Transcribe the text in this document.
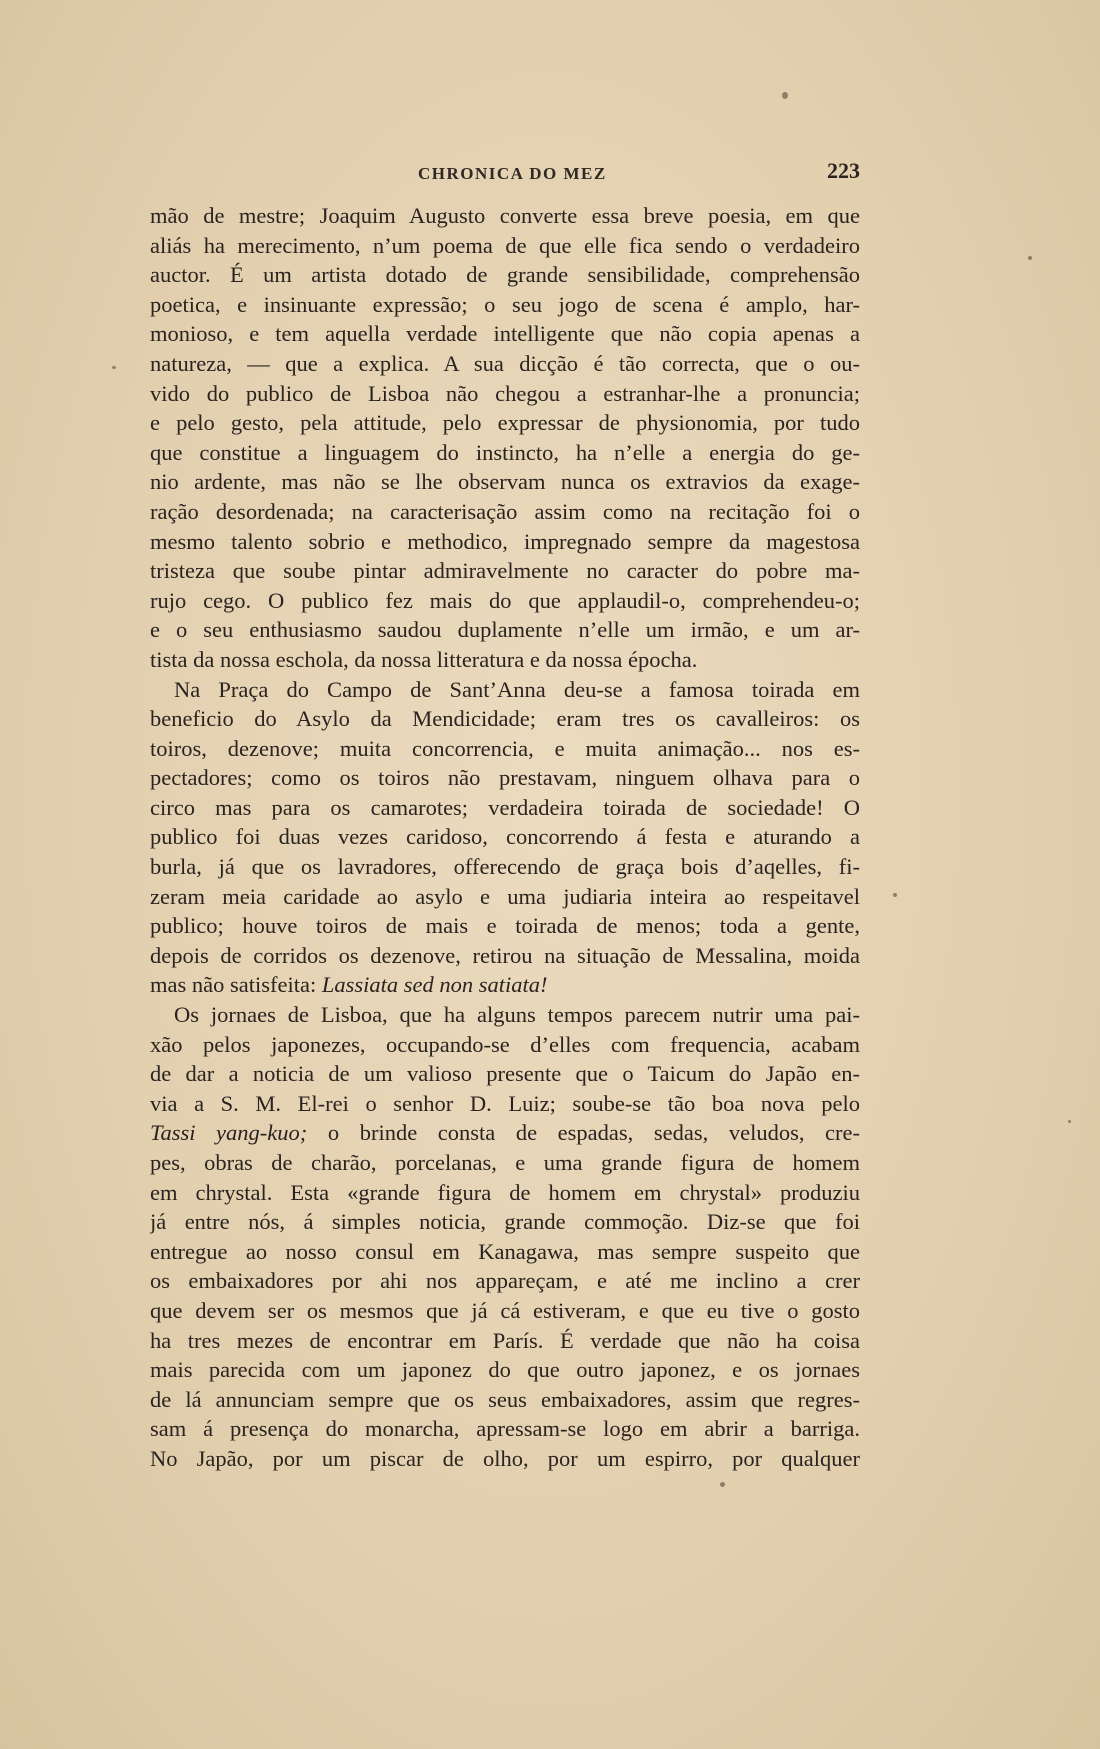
CHRONICA DO MEZ	223
mão de mestre; Joaquim Augusto converte essa breve poesia, em que
aliás ha merecimento, n’um poema de que elle fica sendo o verdadeiro
auctor. É um artista dotado de grande sensibilidade, comprehensão
poetica, e insinuante expressão; o seu jogo de scena é amplo, har-
monioso, e tem aquella verdade intelligente que não copia apenas a
natureza, — que a explica. A sua dicção é tão correcta, que o ou-
vido do publico de Lisboa não chegou a estranhar-lhe a pronuncia;
e pelo gesto, pela attitude, pelo expressar de physionomia, por tudo
que constitue a linguagem do instincto, ha n’elle a energia do ge-
nio ardente, mas não se lhe observam nunca os extravios da exage-
ração desordenada; na caracterisação assim como na recitação foi o
mesmo talento sobrio e methodico, impregnado sempre da magestosa
tristeza que soube pintar admiravelmente no caracter do pobre ma-
rujo cego. O publico fez mais do que applaudil-o, comprehendeu-o;
e o seu enthusiasmo saudou duplamente n’elle um irmão, e um ar-
tista da nossa eschola, da nossa litteratura e da nossa épocha.
Na Praça do Campo de Sant’Anna deu-se a famosa toirada em
beneficio do Asylo da Mendicidade; eram tres os cavalleiros: os
toiros, dezenove; muita concorrencia, e muita animação... nos es-
pectadores; como os toiros não prestavam, ninguem olhava para o
circo mas para os camarotes; verdadeira toirada de sociedade! O
publico foi duas vezes caridoso, concorrendo á festa e aturando a
burla, já que os lavradores, offerecendo de graça bois d’aqelles, fi-
zeram meia caridade ao asylo e uma judiaria inteira ao respeitavel
publico; houve toiros de mais e toirada de menos; toda a gente,
depois de corridos os dezenove, retirou na situação de Messalina, moida
mas não satisfeita: Lassiata sed non satiata!
Os jornaes de Lisboa, que ha alguns tempos parecem nutrir uma pai-
xão pelos japonezes, occupando-se d’elles com frequencia, acabam
de dar a noticia de um valioso presente que o Taicum do Japão en-
via a S. M. El-rei o senhor D. Luiz; soube-se tão boa nova pelo
Tassi yang-kuo; o brinde consta de espadas, sedas, veludos, cre-
pes, obras de charão, porcelanas, e uma grande figura de homem
em chrystal. Esta «grande figura de homem em chrystal» produziu
já entre nós, á simples noticia, grande commoção. Diz-se que foi
entregue ao nosso consul em Kanagawa, mas sempre suspeito que
os embaixadores por ahi nos appareçam, e até me inclino a crer
que devem ser os mesmos que já cá estiveram, e que eu tive o gosto
ha tres mezes de encontrar em París. É verdade que não ha coisa
mais parecida com um japonez do que outro japonez, e os jornaes
de lá annunciam sempre que os seus embaixadores, assim que regres-
sam á presença do monarcha, apressam-se logo em abrir a barriga.
No Japão, por um piscar de olho, por um espirro, por qualquer
